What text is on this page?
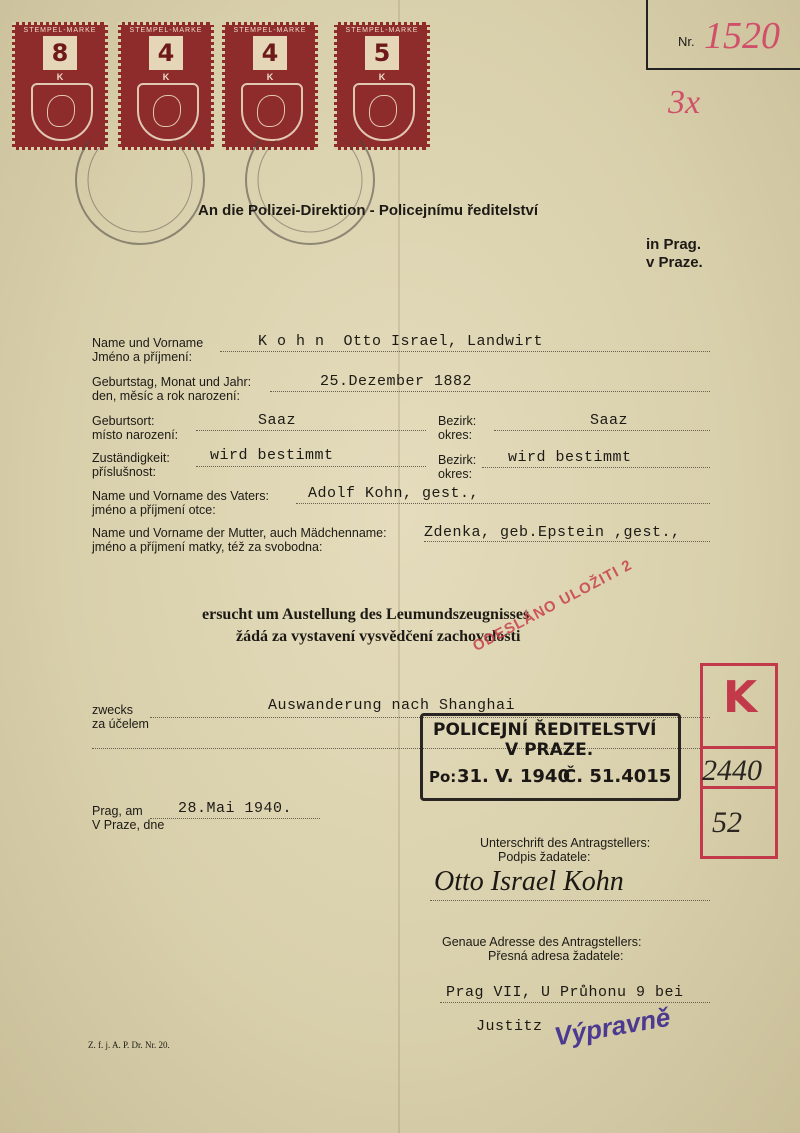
STEMPEL-MARKE
8
K
STEMPEL-MARKE
4
K
STEMPEL-MARKE
4
K
STEMPEL-MARKE
5
K
Nr. 1520
3x
An die Polizei-Direktion - Policejnímu ředitelství
in Prag.
v Praze.
Name und Vorname
Jméno a příjmení:
K o h n  Otto Israel, Landwirt
Geburtstag, Monat und Jahr:
den, měsíc a rok narození:
25.Dezember 1882
Geburtsort:
místo narození:
Saaz	Bezirk:
okres:
Saaz
Zuständigkeit:
příslušnost:
wird bestimmt	Bezirk:
okres:
wird bestimmt
Name und Vorname des Vaters:
jméno a příjmení otce:
Adolf Kohn, gest.,
Name und Vorname der Mutter, auch Mädchenname:
jméno a příjmení matky, též za svobodna:
Zdenka, geb.Epstein ,gest.,
ersucht um Austellung des Leumundszeugnisses
žádá za vystavení vysvědčení zachovalosti
ODESLÁNO ULOŽITI 2
zwecks
za účelem
Auswanderung nach Shanghai
POLICEJNÍ ŘEDITELSTVÍ
V PRAZE.
Po: 31. V. 1940
Č. 51.4015
K
2440
52
Prag, am
V Praze, dne
28.Mai 1940.
Unterschrift des Antragstellers:
Podpis žadatele:
Otto Israel Kohn
Genaue Adresse des Antragstellers:
Přesná adresa žadatele:
Prag VII, U Průhonu 9 bei
Justitz Výpravně
Z. f. j. A. P. Dr. Nr. 20.
